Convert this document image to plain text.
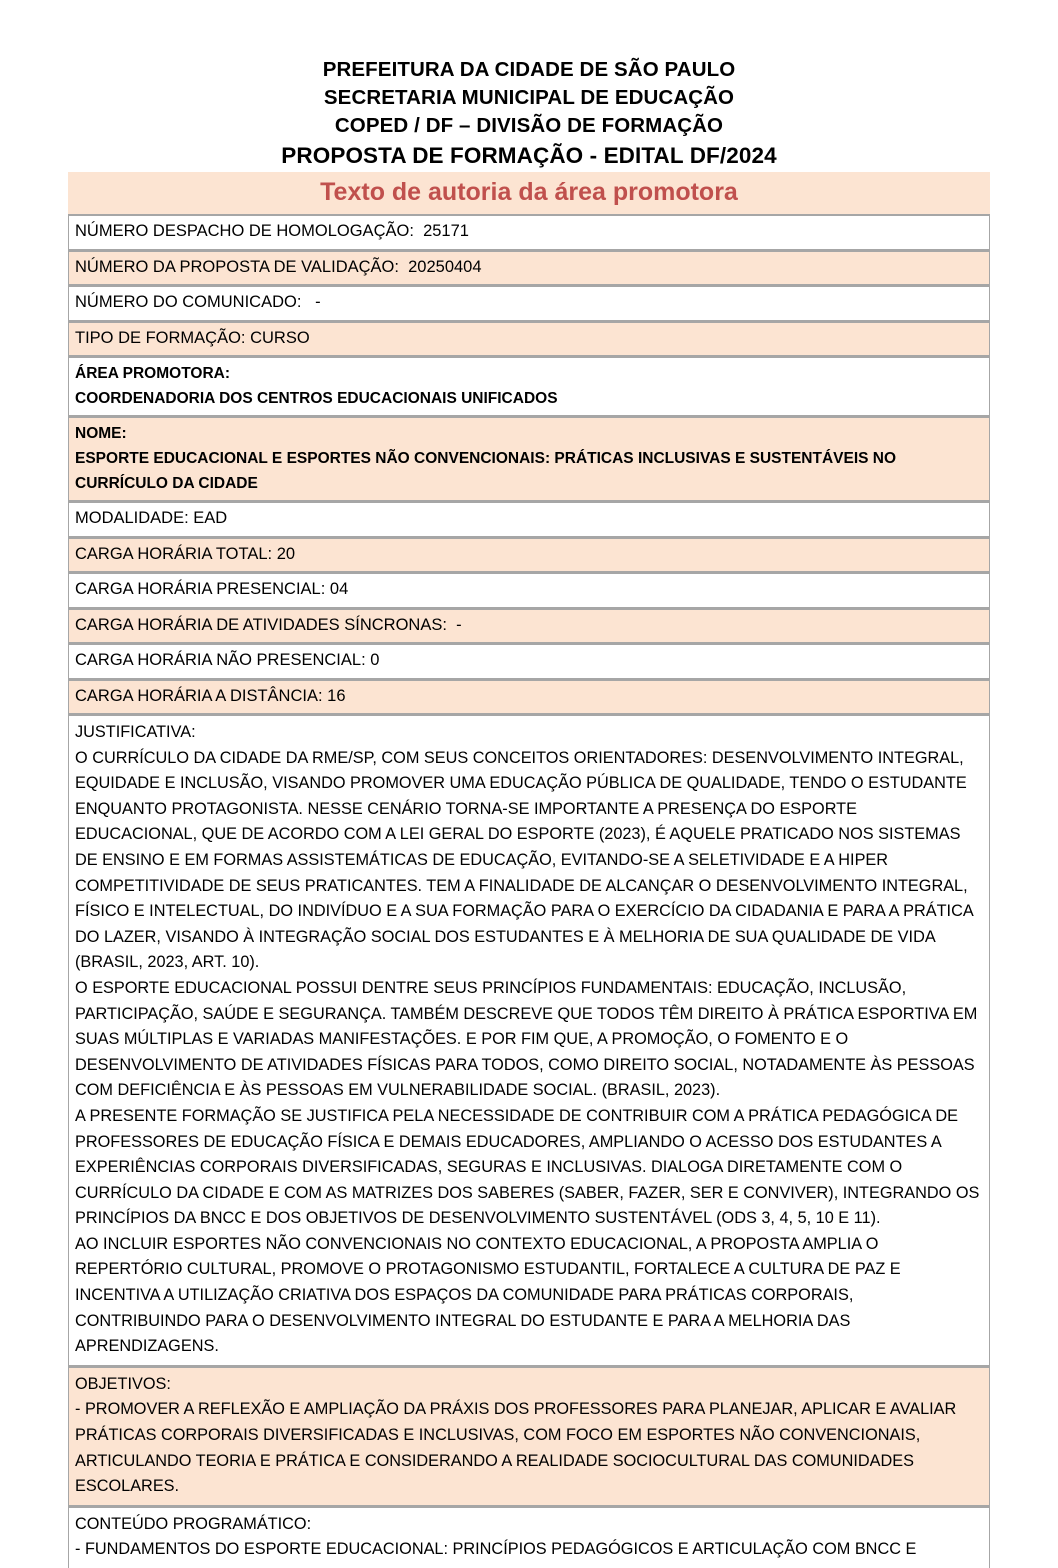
PREFEITURA DA CIDADE DE SÃO PAULO
SECRETARIA MUNICIPAL DE EDUCAÇÃO
COPED / DF – DIVISÃO DE FORMAÇÃO
PROPOSTA DE FORMAÇÃO - EDITAL DF/2024
Texto de autoria da área promotora
NÚMERO DESPACHO DE HOMOLOGAÇÃO:  25171
NÚMERO DA PROPOSTA DE VALIDAÇÃO:  20250404
NÚMERO DO COMUNICADO:   -
TIPO DE FORMAÇÃO: CURSO
ÁREA PROMOTORA:
COORDENADORIA DOS CENTROS EDUCACIONAIS UNIFICADOS
NOME:
ESPORTE EDUCACIONAL E ESPORTES NÃO CONVENCIONAIS: PRÁTICAS INCLUSIVAS E SUSTENTÁVEIS NO CURRÍCULO DA CIDADE
MODALIDADE: EAD
CARGA HORÁRIA TOTAL: 20
CARGA HORÁRIA PRESENCIAL: 04
CARGA HORÁRIA DE ATIVIDADES SÍNCRONAS:  -
CARGA HORÁRIA NÃO PRESENCIAL: 0
CARGA HORÁRIA A DISTÂNCIA: 16
JUSTIFICATIVA:
O CURRÍCULO DA CIDADE DA RME/SP, COM SEUS CONCEITOS ORIENTADORES: DESENVOLVIMENTO INTEGRAL, EQUIDADE E INCLUSÃO, VISANDO PROMOVER UMA EDUCAÇÃO PÚBLICA DE QUALIDADE, TENDO O ESTUDANTE ENQUANTO PROTAGONISTA. NESSE CENÁRIO TORNA-SE IMPORTANTE A PRESENÇA DO ESPORTE EDUCACIONAL, QUE DE ACORDO COM A LEI GERAL DO ESPORTE (2023), É AQUELE PRATICADO NOS SISTEMAS DE ENSINO E EM FORMAS ASSISTEMÁTICAS DE EDUCAÇÃO, EVITANDO-SE A SELETIVIDADE E A HIPER COMPETITIVIDADE DE SEUS PRATICANTES. TEM A FINALIDADE DE ALCANÇAR O DESENVOLVIMENTO INTEGRAL, FÍSICO E INTELECTUAL, DO INDIVÍDUO E A SUA FORMAÇÃO PARA O EXERCÍCIO DA CIDADANIA E PARA A PRÁTICA DO LAZER, VISANDO À INTEGRAÇÃO SOCIAL DOS ESTUDANTES E À MELHORIA DE SUA QUALIDADE DE VIDA (BRASIL, 2023, ART. 10).
O ESPORTE EDUCACIONAL POSSUI DENTRE SEUS PRINCÍPIOS FUNDAMENTAIS: EDUCAÇÃO, INCLUSÃO, PARTICIPAÇÃO, SAÚDE E SEGURANÇA. TAMBÉM DESCREVE QUE TODOS TÊM DIREITO À PRÁTICA ESPORTIVA EM SUAS MÚLTIPLAS E VARIADAS MANIFESTAÇÕES. E POR FIM QUE, A PROMOÇÃO, O FOMENTO E O DESENVOLVIMENTO DE ATIVIDADES FÍSICAS PARA TODOS, COMO DIREITO SOCIAL, NOTADAMENTE ÀS PESSOAS COM DEFICIÊNCIA E ÀS PESSOAS EM VULNERABILIDADE SOCIAL. (BRASIL, 2023).
A PRESENTE FORMAÇÃO SE JUSTIFICA PELA NECESSIDADE DE CONTRIBUIR COM A PRÁTICA PEDAGÓGICA DE PROFESSORES DE EDUCAÇÃO FÍSICA E DEMAIS EDUCADORES, AMPLIANDO O ACESSO DOS ESTUDANTES A EXPERIÊNCIAS CORPORAIS DIVERSIFICADAS, SEGURAS E INCLUSIVAS. DIALOGA DIRETAMENTE COM O CURRÍCULO DA CIDADE E COM AS MATRIZES DOS SABERES (SABER, FAZER, SER E CONVIVER), INTEGRANDO OS PRINCÍPIOS DA BNCC E DOS OBJETIVOS DE DESENVOLVIMENTO SUSTENTÁVEL (ODS 3, 4, 5, 10 E 11).
AO INCLUIR ESPORTES NÃO CONVENCIONAIS NO CONTEXTO EDUCACIONAL, A PROPOSTA AMPLIA O REPERTÓRIO CULTURAL, PROMOVE O PROTAGONISMO ESTUDANTIL, FORTALECE A CULTURA DE PAZ E INCENTIVA A UTILIZAÇÃO CRIATIVA DOS ESPAÇOS DA COMUNIDADE PARA PRÁTICAS CORPORAIS, CONTRIBUINDO PARA O DESENVOLVIMENTO INTEGRAL DO ESTUDANTE E PARA A MELHORIA DAS APRENDIZAGENS.
OBJETIVOS:
- PROMOVER A REFLEXÃO E AMPLIAÇÃO DA PRÁXIS DOS PROFESSORES PARA PLANEJAR, APLICAR E AVALIAR PRÁTICAS CORPORAIS DIVERSIFICADAS E INCLUSIVAS, COM FOCO EM ESPORTES NÃO CONVENCIONAIS, ARTICULANDO TEORIA E PRÁTICA E CONSIDERANDO A REALIDADE SOCIOCULTURAL DAS COMUNIDADES ESCOLARES.
CONTEÚDO PROGRAMÁTICO:
- FUNDAMENTOS DO ESPORTE EDUCACIONAL: PRINCÍPIOS PEDAGÓGICOS E ARTICULAÇÃO COM BNCC E
